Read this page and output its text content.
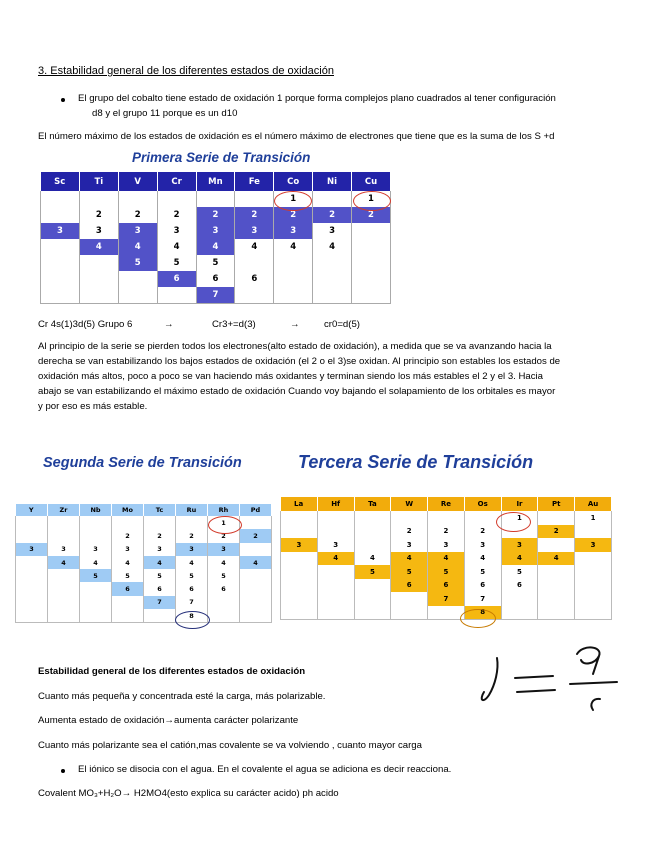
3. Estabilidad general de los diferentes estados de oxidación
El grupo del cobalto tiene estado de oxidación 1 porque forma complejos plano cuadrados al tener configuración
d8 y el grupo 11 porque es un d10
El número máximo de los estados de oxidación es el número máximo de electrones que tiene que es la suma de los S +d
Primera Serie de Transición
Sc	Ti	V	Cr	Mn	Fe	Co	Ni	Cu
						1		1
	2	2	2	2	2	2	2	2
3	3	3	3	3	3	3	3	
	4	4	4	4	4	4	4	
		5	5	5				
			6	6	6			
				7				
Cr 4s(1)3d(5) Grupo 6	→	Cr3+=d(3)	→	cr0=d(5)
Al principio de la serie se pierden todos los electrones(alto estado de oxidación), a medida que se va avanzando hacia la
derecha se van estabilizando los bajos estados de oxidación (el 2 o el 3)se oxidan. Al principio son estables los estados de
oxidación más altos, poco a poco se van haciendo más oxidantes y terminan siendo los más estables el 2 y el 3. Hacia
abajo se van estabilizando el máximo estado de oxidación Cuando voy bajando el solapamiento de los orbitales es mayor
y por eso es más estable.
Segunda Serie de Transición
Y	Zr	Nb	Mo	Tc	Ru	Rh	Pd
						1	
			2	2	2	2	2
3	3	3	3	3	3	3	
	4	4	4	4	4	4	4
		5	5	5	5	5	
			6	6	6	6	
				7	7		
					8		
Tercera Serie de Transición
La	Hf	Ta	W	Re	Os	Ir	Pt	Au
						1		1
			2	2	2		2	
3	3		3	3	3	3		3
	4	4	4	4	4	4	4	
		5	5	5	5	5		
			6	6	6	6		
				7	7			
					8			
Estabilidad general de los diferentes estados de oxidación
Cuanto más pequeña y concentrada esté la carga, más polarizable.
Aumenta estado de oxidación→aumenta carácter polarizante
Cuanto más polarizante sea el catión,mas covalente se va volviendo , cuanto mayor carga
El iónico se disocia con el agua. En el covalente el agua se adiciona es decir reacciona.
Covalent MO₃+H₂O→ H2MO4(esto explica su carácter acido) ph acido
